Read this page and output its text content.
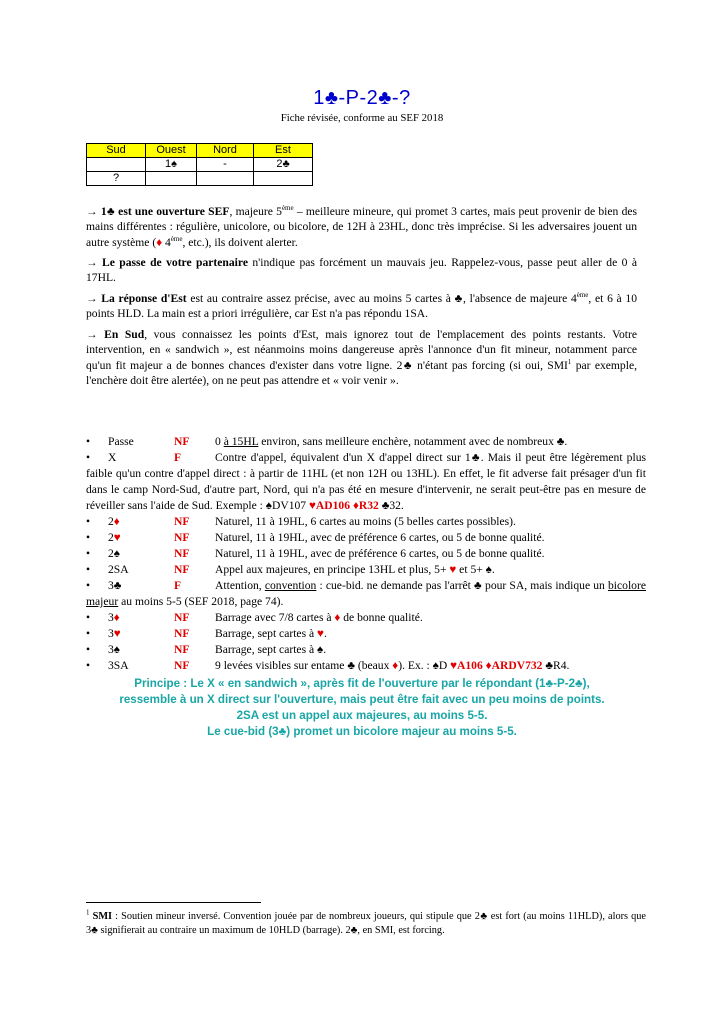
1♣-P-2♣-?
Fiche révisée, conforme au SEF 2018
Sud	Ouest	Nord	Est
	1♠	-	2♣
?			
→ 1♣ est une ouverture SEF, majeure 5ème – meilleure mineure, qui promet 3 cartes, mais peut provenir de bien des mains différentes : régulière, unicolore, ou bicolore, de 12H à 23HL, donc très imprécise. Si les adversaires jouent un autre système (♦ 4ème, etc.), ils doivent alerter.
→ Le passe de votre partenaire n'indique pas forcément un mauvais jeu. Rappelez-vous, passe peut aller de 0 à 17HL.
→ La réponse d'Est est au contraire assez précise, avec au moins 5 cartes à ♣, l'absence de majeure 4ème, et 6 à 10 points HLD. La main est a priori irrégulière, car Est n'a pas répondu 1SA.
→ En Sud, vous connaissez les points d'Est, mais ignorez tout de l'emplacement des points restants. Votre intervention, en « sandwich », est néanmoins moins dangereuse après l'annonce d'un fit mineur, notamment parce qu'un fit majeur a de bonnes chances d'exister dans votre ligne. 2♣ n'étant pas forcing (si oui, SMI$^1$ par exemple, l'enchère doit être alertée), on ne peut pas attendre et « voir venir ».
• Passe	NF 0 à 15HL environ, sans meilleure enchère, notamment avec de nombreux ♣.
• X	F	Contre d'appel, équivalent d'un X d'appel direct sur 1♣. Mais il peut être légèrement plus faible qu'un contre d'appel direct : à partir de 11HL (et non 12H ou 13HL). En effet, le fit adverse fait présager d'un fit dans le camp Nord-Sud, d'autre part, Nord, qui n'a pas été en mesure d'intervenir, ne serait peut-être pas en mesure de réveiller sans l'aide de Sud. Exemple : ♠DV107 ♥AD106 ♦R32 ♣32.
• 2♦	NF Naturel, 11 à 19HL, 6 cartes au moins (5 belles cartes possibles).
• 2♥	NF Naturel, 11 à 19HL, avec de préférence 6 cartes, ou 5 de bonne qualité.
• 2♠	NF Naturel, 11 à 19HL, avec de préférence 6 cartes, ou 5 de bonne qualité.
• 2SA	NF Appel aux majeures, en principe 13HL et plus, 5+ ♥ et 5+ ♠.
• 3♣	F	Attention, convention : cue-bid. ne demande pas l'arrêt ♣ pour SA, mais indique un bicolore majeur au moins 5-5 (SEF 2018, page 74).
• 3♦	NF Barrage avec 7/8 cartes à ♦ de bonne qualité.
• 3♥	NF Barrage, sept cartes à ♥.
• 3♠	NF Barrage, sept cartes à ♠.
• 3SA	NF 9 levées visibles sur entame ♣ (beaux ♦). Ex. : ♠D ♥A106 ♦ARDV732 ♣R4.
Principe : Le X « en sandwich », après fit de l'ouverture par le répondant (1♣-P-2♣),
ressemble à un X direct sur l'ouverture, mais peut être fait avec un peu moins de points.
2SA est un appel aux majeures, au moins 5-5.
Le cue-bid (3♣) promet un bicolore majeur au moins 5-5.
$^1$ SMI : Soutien mineur inversé. Convention jouée par de nombreux joueurs, qui stipule que 2♣ est fort (au moins 11HLD), alors que 3♣ signifierait au contraire un maximum de 10HLD (barrage). 2♣, en SMI, est forcing.
